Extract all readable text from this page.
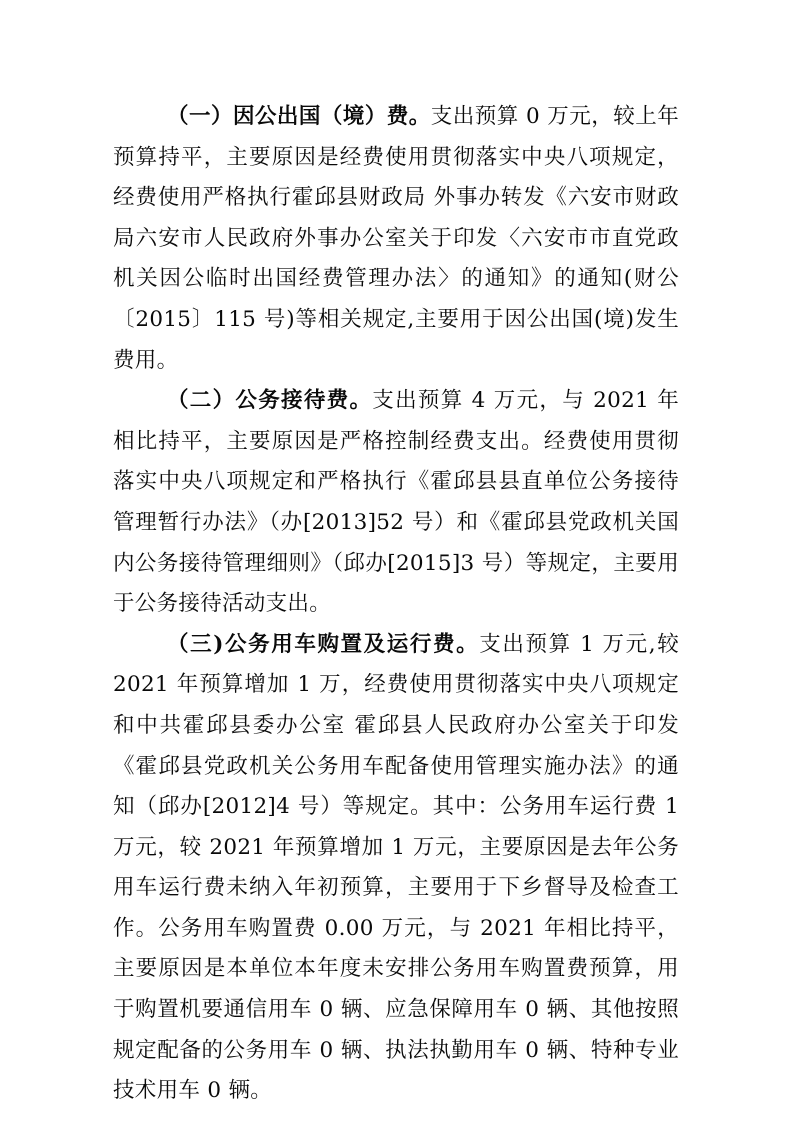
（一）因公出国（境）费。支出预算 0 万元，较上年预算持平，主要原因是经费使用贯彻落实中央八项规定，经费使用严格执行霍邱县财政局 外事办转发《六安市财政局六安市人民政府外事办公室关于印发〈六安市市直党政机关因公临时出国经费管理办法〉的通知》的通知(财公〔2015〕115 号)等相关规定,主要用于因公出国(境)发生费用。

（二）公务接待费。支出预算 4 万元，与 2021 年相比持平，主要原因是严格控制经费支出。经费使用贯彻落实中央八项规定和严格执行《霍邱县县直单位公务接待管理暂行办法》（办[2013]52 号）和《霍邱县党政机关国内公务接待管理细则》（邱办[2015]3 号）等规定，主要用于公务接待活动支出。

（三)公务用车购置及运行费。支出预算 1 万元,较 2021 年预算增加 1 万，经费使用贯彻落实中央八项规定和中共霍邱县委办公室 霍邱县人民政府办公室关于印发《霍邱县党政机关公务用车配备使用管理实施办法》的通知（邱办[2012]4 号）等规定。其中：公务用车运行费 1 万元，较 2021 年预算增加 1 万元，主要原因是去年公务用车运行费未纳入年初预算，主要用于下乡督导及检查工作。公务用车购置费 0.00 万元，与 2021 年相比持平，主要原因是本单位本年度未安排公务用车购置费预算，用于购置机要通信用车 0 辆、应急保障用车 0 辆、其他按照规定配备的公务用车 0 辆、执法执勤用车 0 辆、特种专业技术用车 0 辆。
